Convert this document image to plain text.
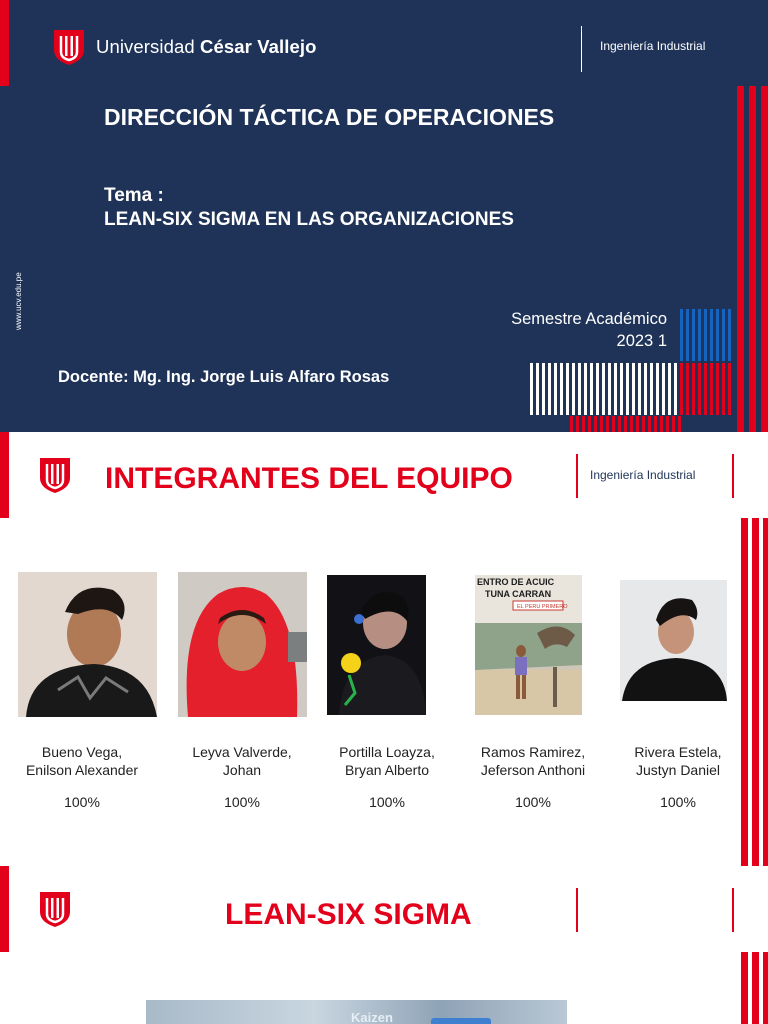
Universidad César Vallejo	Ingeniería Industrial
DIRECCIÓN TÁCTICA DE OPERACIONES
Tema :
LEAN-SIX SIGMA EN LAS ORGANIZACIONES
www.ucv.edu.pe	Semestre Académico
2023 1
Docente: Mg. Ing. Jorge Luis Alfaro Rosas
INTEGRANTES DEL EQUIPO	Ingeniería Industrial
ENTRO DE ACUIC
TUNA CARRAN
EL PERU PRIMERO
Bueno Vega,
Enilson Alexander
100%
Leyva Valverde,
Johan
100%
Portilla Loayza,
Bryan Alberto
100%
Ramos Ramirez,
Jeferson Anthoni
100%
Rivera Estela,
Justyn Daniel
100%
LEAN-SIX SIGMA
Kaizen
